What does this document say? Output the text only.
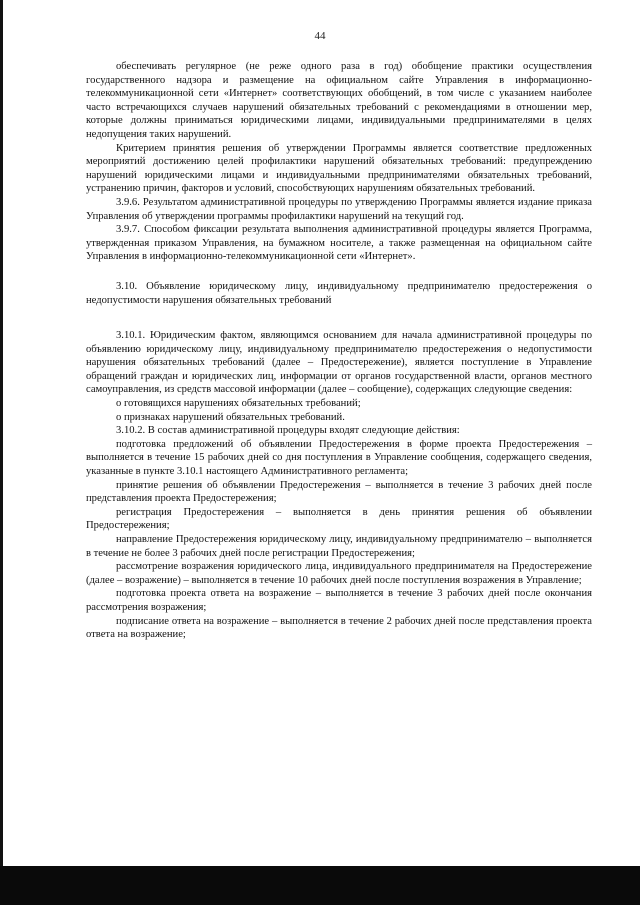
44

обеспечивать регулярное (не реже одного раза в год) обобщение практики осуществления государственного надзора и размещение на официальном сайте Управления в информационно-телекоммуникационной сети «Интернет» соответствующих обобщений, в том числе с указанием наиболее часто встречающихся случаев нарушений обязательных требований с рекомендациями в отношении мер, которые должны приниматься юридическими лицами, индивидуальными предпринимателями в целях недопущения таких нарушений.

Критерием принятия решения об утверждении Программы является соответствие предложенных мероприятий достижению целей профилактики нарушений обязательных требований: предупреждению нарушений юридическими лицами и индивидуальными предпринимателями обязательных требований, устранению причин, факторов и условий, способствующих нарушениям обязательных требований.

3.9.6. Результатом административной процедуры по утверждению Программы является издание приказа Управления об утверждении программы профилактики нарушений на текущий год.

3.9.7. Способом фиксации результата выполнения административной процедуры является Программа, утвержденная приказом Управления, на бумажном носителе, а также размещенная на официальном сайте Управления в информационно-телекоммуникационной сети «Интернет».

3.10. Объявление юридическому лицу, индивидуальному предпринимателю предостережения о недопустимости нарушения обязательных требований

3.10.1. Юридическим фактом, являющимся основанием для начала административной процедуры по объявлению юридическому лицу, индивидуальному предпринимателю предостережения о недопустимости нарушения обязательных требований (далее – Предостережение), является поступление в Управление обращений граждан и юридических лиц, информации от органов государственной власти, органов местного самоуправления, из средств массовой информации (далее – сообщение), содержащих следующие сведения:

о готовящихся нарушениях обязательных требований;

о признаках нарушений обязательных требований.

3.10.2. В состав административной процедуры входят следующие действия:

подготовка предложений об объявлении Предостережения в форме проекта Предостережения – выполняется в течение 15 рабочих дней со дня поступления в Управление сообщения, содержащего сведения, указанные в пункте 3.10.1 настоящего Административного регламента;

принятие решения об объявлении Предостережения – выполняется в течение 3 рабочих дней после представления проекта Предостережения;

регистрация Предостережения – выполняется в день принятия решения об объявлении Предостережения;

направление Предостережения юридическому лицу, индивидуальному предпринимателю – выполняется в течение не более 3 рабочих дней после регистрации Предостережения;

рассмотрение возражения юридического лица, индивидуального предпринимателя на Предостережение (далее – возражение) – выполняется в течение 10 рабочих дней после поступления возражения в Управление;

подготовка проекта ответа на возражение – выполняется в течение 3 рабочих дней после окончания рассмотрения возражения;

подписание ответа на возражение – выполняется в течение 2 рабочих дней после представления проекта ответа на возражение;
